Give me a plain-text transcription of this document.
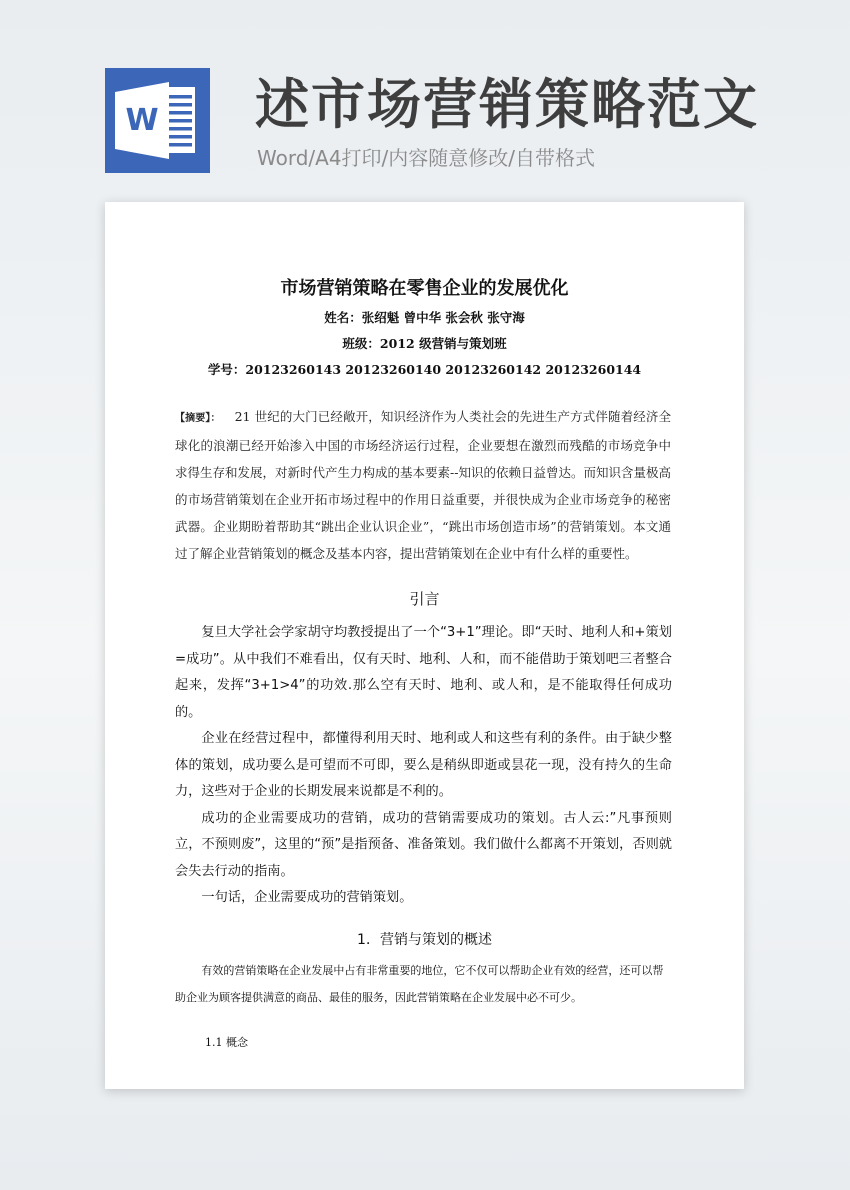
W 述市场营销策略范文
Word/A4打印/内容随意修改/自带格式
市场营销策略在零售企业的发展优化
姓名：张绍魁 曾中华 张会秋 张守海
班级：2012 级营销与策划班
学号：20123260143 20123260140 20123260142 20123260144
【摘要】： 21 世纪的大门已经敞开，知识经济作为人类社会的先进生产方式伴随着经济全球化的浪潮已经开始渗入中国的市场经济运行过程，企业要想在激烈而残酷的市场竞争中求得生存和发展，对新时代产生力构成的基本要素--知识的依赖日益曾达。而知识含量极高的市场营销策划在企业开拓市场过程中的作用日益重要，并很快成为企业市场竞争的秘密武器。企业期盼着帮助其“跳出企业认识企业”，“跳出市场创造市场”的营销策划。本文通过了解企业营销策划的概念及基本内容，提出营销策划在企业中有什么样的重要性。
引言

复旦大学社会学家胡守均教授提出了一个“3+1”理论。即“天时、地利人和+策划=成功”。从中我们不难看出，仅有天时、地利、人和，而不能借助于策划吧三者整合起来，发挥“3+1>4”的功效.那么空有天时、地利、或人和，是不能取得任何成功的。

企业在经营过程中，都懂得利用天时、地利或人和这些有利的条件。由于缺少整体的策划，成功要么是可望而不可即，要么是稍纵即逝或昙花一现，没有持久的生命力，这些对于企业的长期发展来说都是不利的。

成功的企业需要成功的营销，成功的营销需要成功的策划。古人云:”凡事预则立，不预则废”，这里的“预”是指预备、准备策划。我们做什么都离不开策划，否则就会失去行动的指南。

一句话，企业需要成功的营销策划。

1．营销与策划的概述

有效的营销策略在企业发展中占有非常重要的地位，它不仅可以帮助企业有效的经营，还可以帮助企业为顾客提供满意的商品、最佳的服务，因此营销策略在企业发展中必不可少。

1.1 概念
